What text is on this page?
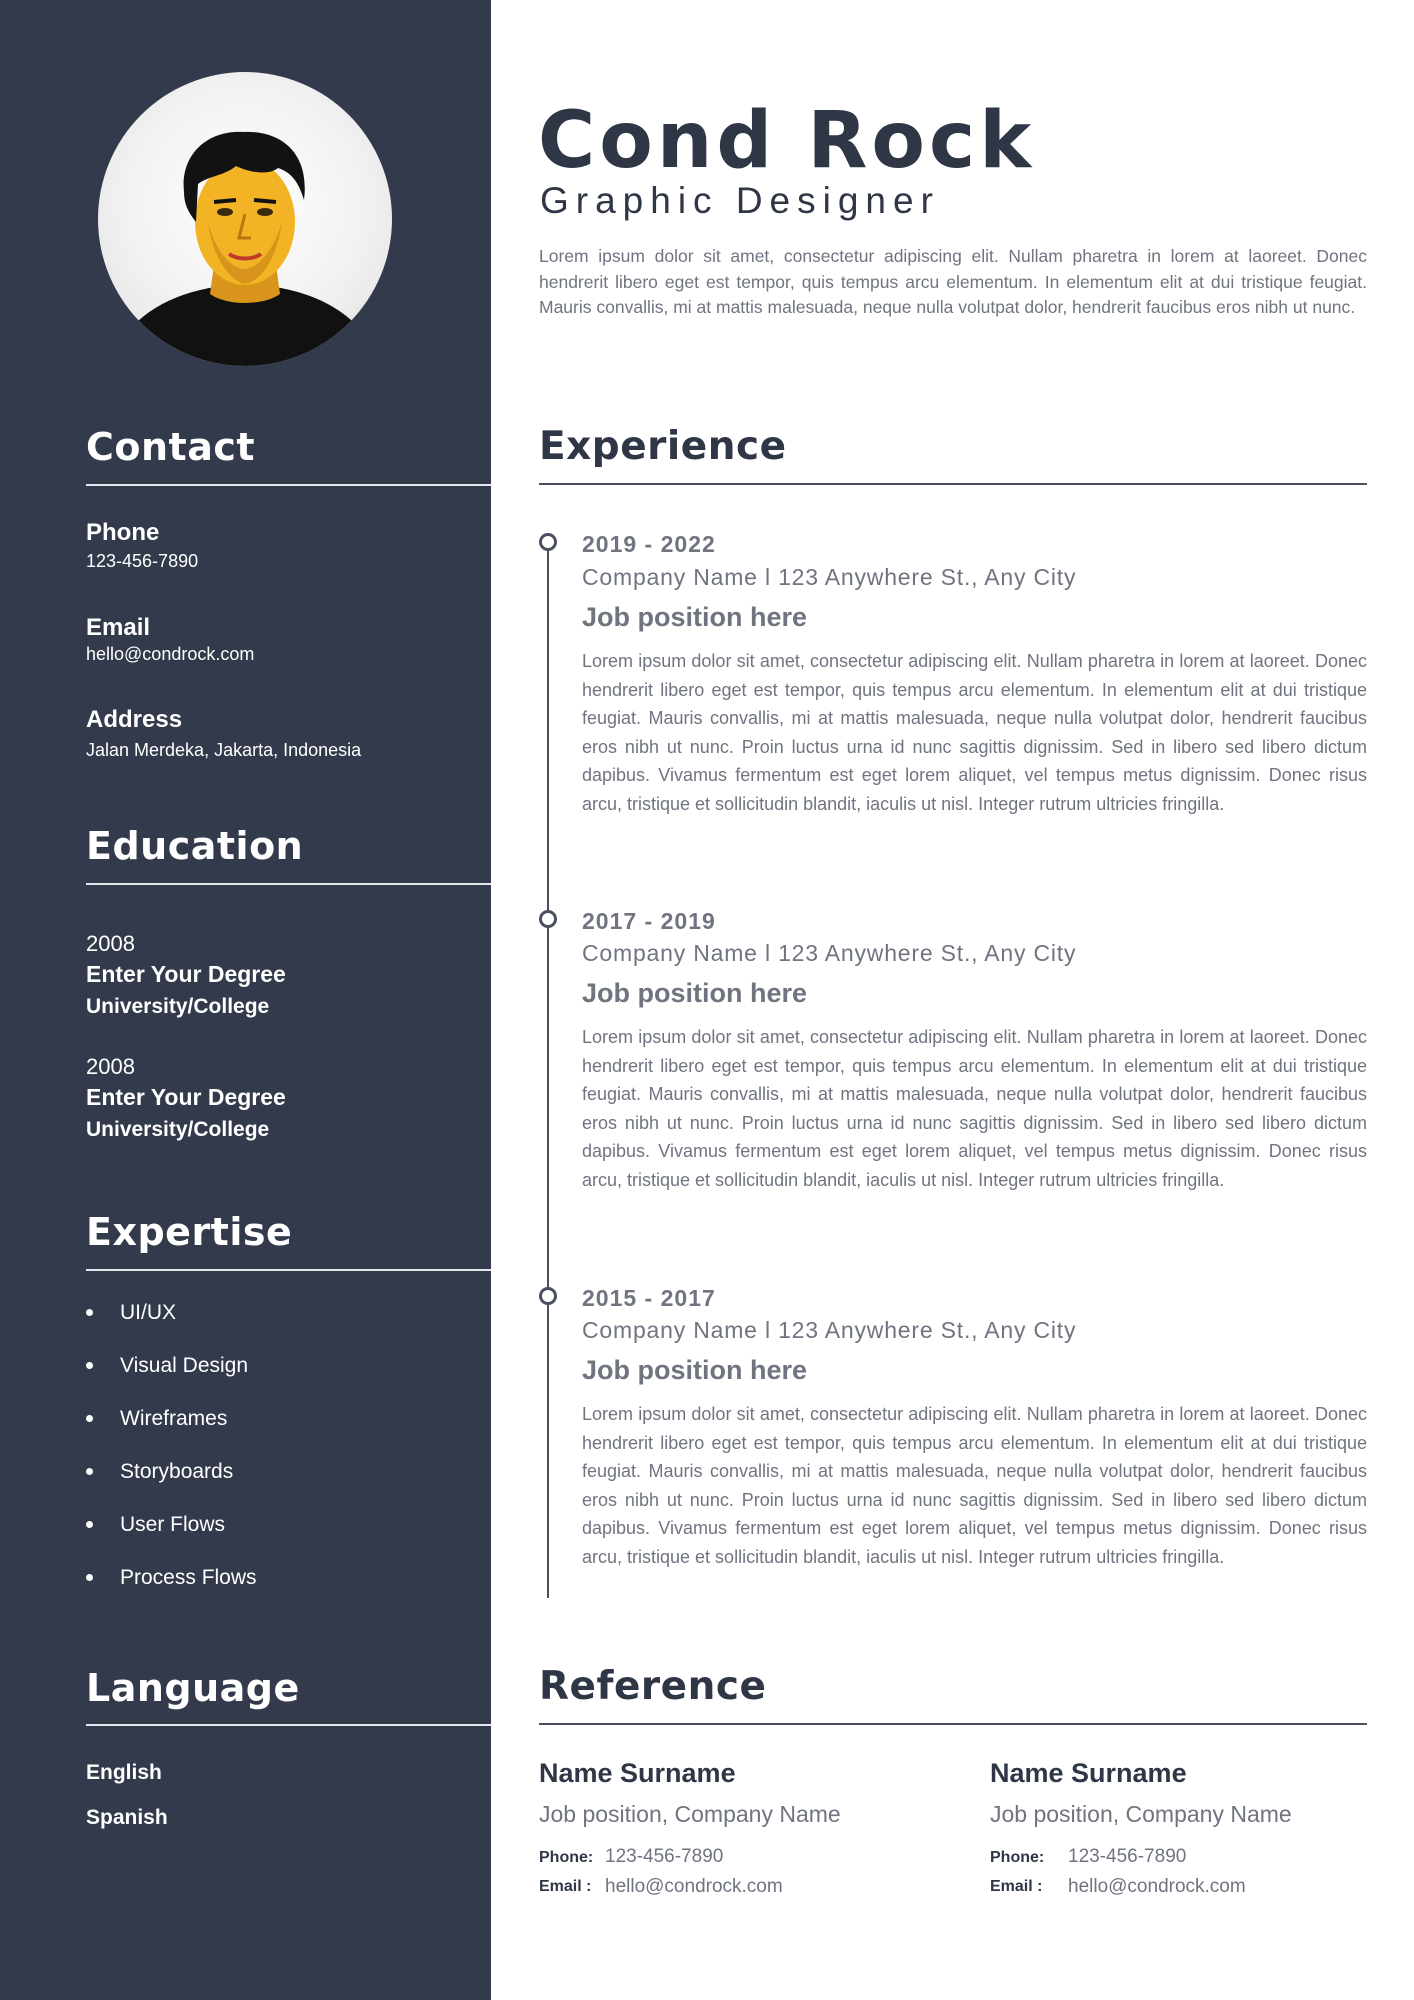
Contact
Phone
123-456-7890
Email
hello@condrock.com
Address
Jalan Merdeka, Jakarta, Indonesia
Education
2008
Enter Your Degree
University/College
2008
Enter Your Degree
University/College
Expertise
UI/UX
Visual Design
Wireframes
Storyboards
User Flows
Process Flows
Language
English
Spanish
Cond Rock
Graphic Designer
Lorem ipsum dolor sit amet, consectetur adipiscing elit. Nullam pharetra in lorem at laoreet. Donec hendrerit libero eget est tempor, quis tempus arcu elementum. In elementum elit at dui tristique feugiat. Mauris convallis, mi at mattis malesuada, neque nulla volutpat dolor, hendrerit faucibus eros nibh ut nunc.
Experience
2019 - 2022
Company Name l 123 Anywhere St., Any City
Job position here
Lorem ipsum dolor sit amet, consectetur adipiscing elit. Nullam pharetra in lorem at laoreet. Donec hendrerit libero eget est tempor, quis tempus arcu elementum. In elementum elit at dui tristique feugiat. Mauris convallis, mi at mattis malesuada, neque nulla volutpat dolor, hendrerit faucibus eros nibh ut nunc. Proin luctus urna id nunc sagittis dignissim. Sed in libero sed libero dictum dapibus. Vivamus fermentum est eget lorem aliquet, vel tempus metus dignissim. Donec risus arcu, tristique et sollicitudin blandit, iaculis ut nisl. Integer rutrum ultricies fringilla.
2017 - 2019
Company Name l 123 Anywhere St., Any City
Job position here
Lorem ipsum dolor sit amet, consectetur adipiscing elit. Nullam pharetra in lorem at laoreet. Donec hendrerit libero eget est tempor, quis tempus arcu elementum. In elementum elit at dui tristique feugiat. Mauris convallis, mi at mattis malesuada, neque nulla volutpat dolor, hendrerit faucibus eros nibh ut nunc. Proin luctus urna id nunc sagittis dignissim. Sed in libero sed libero dictum dapibus. Vivamus fermentum est eget lorem aliquet, vel tempus metus dignissim. Donec risus arcu, tristique et sollicitudin blandit, iaculis ut nisl. Integer rutrum ultricies fringilla.
2015 - 2017
Company Name l 123 Anywhere St., Any City
Job position here
Lorem ipsum dolor sit amet, consectetur adipiscing elit. Nullam pharetra in lorem at laoreet. Donec hendrerit libero eget est tempor, quis tempus arcu elementum. In elementum elit at dui tristique feugiat. Mauris convallis, mi at mattis malesuada, neque nulla volutpat dolor, hendrerit faucibus eros nibh ut nunc. Proin luctus urna id nunc sagittis dignissim. Sed in libero sed libero dictum dapibus. Vivamus fermentum est eget lorem aliquet, vel tempus metus dignissim. Donec risus arcu, tristique et sollicitudin blandit, iaculis ut nisl. Integer rutrum ultricies fringilla.
Reference
Name Surname
Job position, Company Name
Phone: 123-456-7890
Email : hello@condrock.com
Name Surname
Job position, Company Name
Phone: 123-456-7890
Email : hello@condrock.com
